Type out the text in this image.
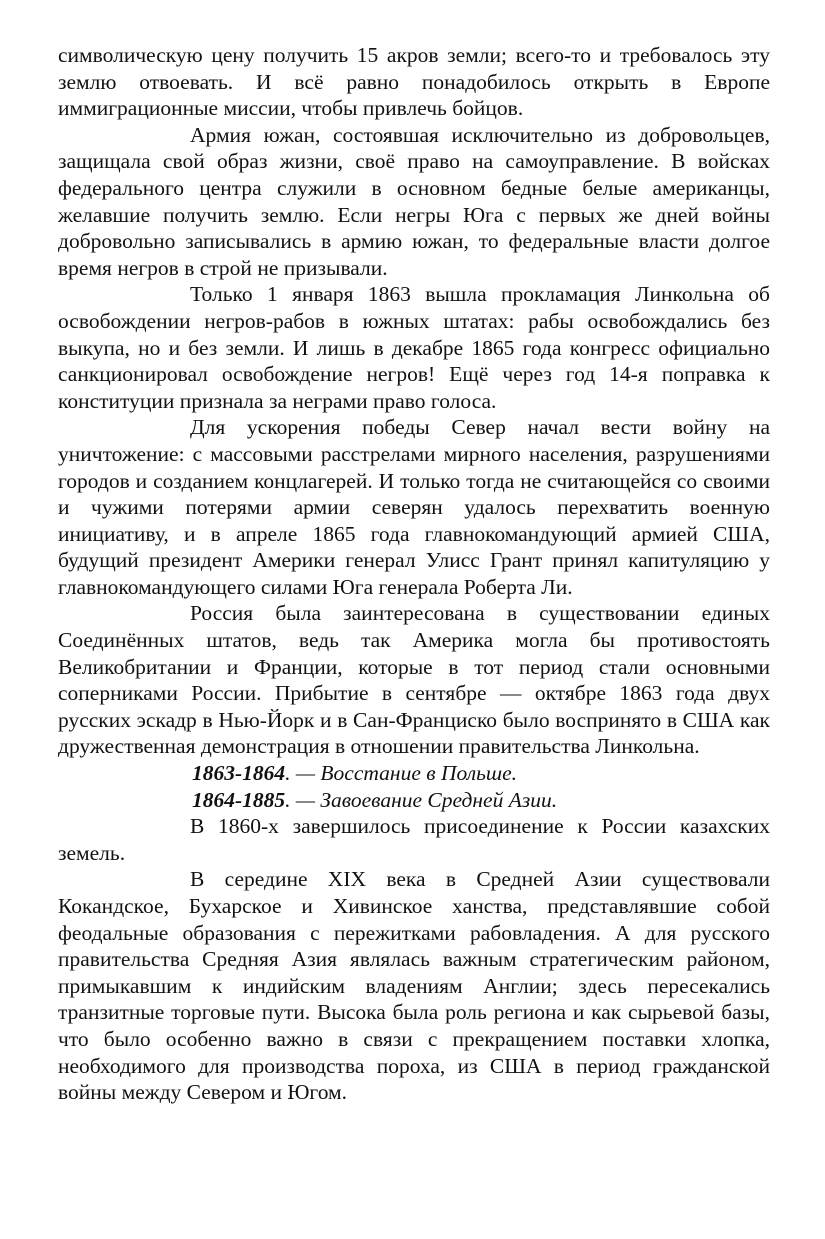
символическую цену получить 15 акров земли; всего-то и требовалось эту землю отвоевать. И всё равно понадобилось открыть в Европе иммиграционные миссии, чтобы привлечь бойцов.

Армия южан, состоявшая исключительно из добровольцев, защищала свой образ жизни, своё право на самоуправление. В войсках федерального центра служили в основном бедные белые американцы, желавшие получить землю. Если негры Юга с первых же дней войны добровольно записывались в армию южан, то федеральные власти долгое время негров в строй не призывали.

Только 1 января 1863 вышла прокламация Линкольна об освобождении негров-рабов в южных штатах: рабы освобождались без выкупа, но и без земли. И лишь в декабре 1865 года конгресс официально санкционировал освобождение негров! Ещё через год 14-я поправка к конституции признала за неграми право голоса.

Для ускорения победы Север начал вести войну на уничтожение: с массовыми расстрелами мирного населения, разрушениями городов и созданием концлагерей. И только тогда не считающейся со своими и чужими потерями армии северян удалось перехватить военную инициативу, и в апреле 1865 года главнокомандующий армией США, будущий президент Америки генерал Улисс Грант принял капитуляцию у главнокомандующего силами Юга генерала Роберта Ли.

Россия была заинтересована в существовании единых Соединённых штатов, ведь так Америка могла бы противостоять Великобритании и Франции, которые в тот период стали основными соперниками России. Прибытие в сентябре — октябре 1863 года двух русских эскадр в Нью-Йорк и в Сан-Франциско было воспринято в США как дружественная демонстрация в отношении правительства Линкольна.

1863-1864. — Восстание в Польше.

1864-1885. — Завоевание Средней Азии.

В 1860-х завершилось присоединение к России казахских земель.

В середине XIX века в Средней Азии существовали Кокандское, Бухарское и Хивинское ханства, представлявшие собой феодальные образования с пережитками рабовладения. А для русского правительства Средняя Азия являлась важным стратегическим районом, примыкавшим к индийским владениям Англии; здесь пересекались транзитные торговые пути. Высока была роль региона и как сырьевой базы, что было особенно важно в связи с прекращением поставки хлопка, необходимого для производства пороха, из США в период гражданской войны между Севером и Югом.
